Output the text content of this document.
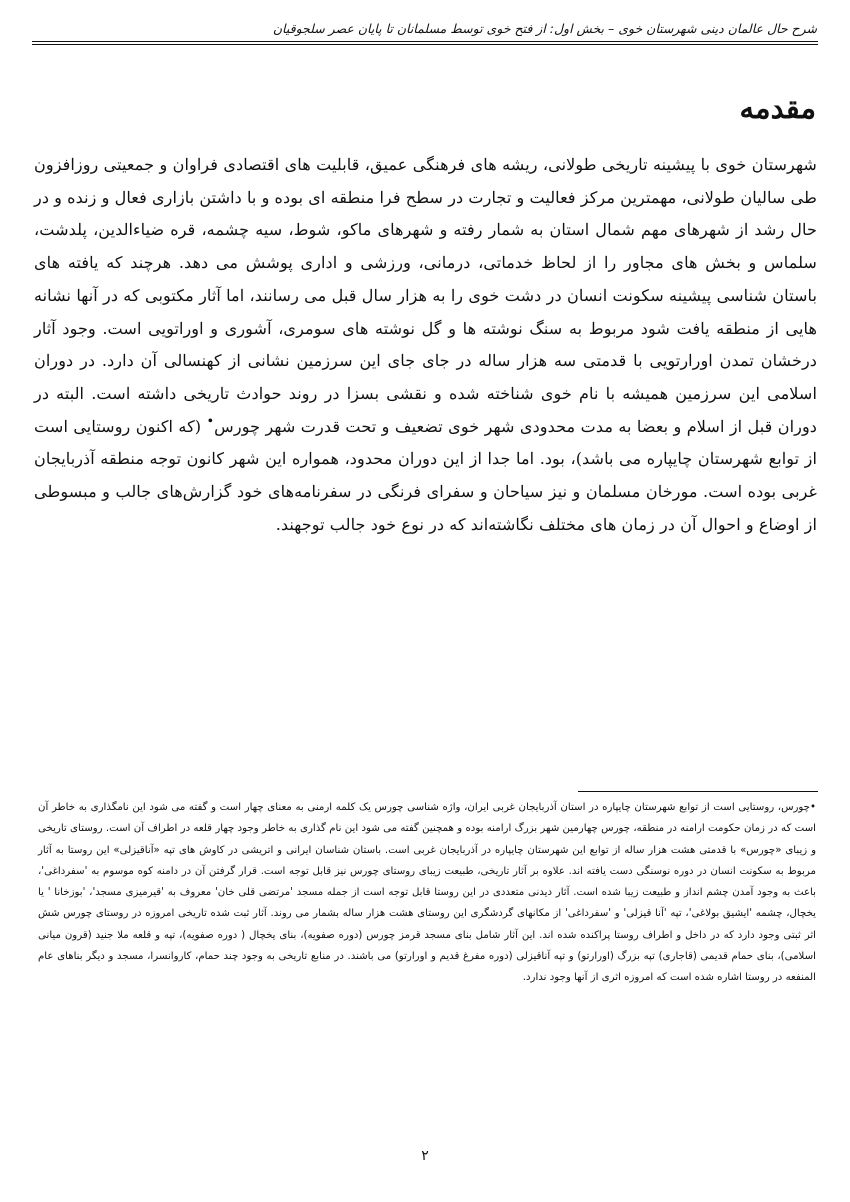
شرح حال عالمان دینی شهرستان خوی – بخش اول: از فتح خوی توسط مسلمانان تا پایان عصر سلجوقیان
مقدمه

شهرستان خوی با پیشینه تاریخی طولانی، ریشه های فرهنگی عمیق، قابلیت های اقتصادی فراوان و جمعیتی روزافزون طی سالیان طولانی، مهمترین مرکز فعالیت و تجارت در سطح فرا منطقه ای بوده و با داشتن بازاری فعال و زنده و در حال رشد از شهرهای مهم شمال استان به شمار رفته و شهرهای ماکو، شوط، سیه چشمه، قره ضیاءالدین، پلدشت، سلماس و بخش های مجاور را از لحاظ خدماتی، درمانی، ورزشی و اداری پوشش می دهد. هرچند که یافته های باستان شناسی پیشینه سکونت انسان در دشت خوی را به هزار سال قبل می رسانند، اما آثار مکتوبی که در آنها نشانه هایی از منطقه یافت شود مربوط به سنگ نوشته ها و گل نوشته های سومری، آشوری و اوراتویی است. وجود آثار درخشان تمدن اورارتویی با قدمتی سه هزار ساله در جای جای این سرزمین نشانی از کهنسالی آن دارد. در دوران اسلامی این سرزمین همیشه با نام خوی شناخته شده و نقشی بسزا در روند حوادث تاریخی داشته است. البته در دوران قبل از اسلام و بعضا به مدت محدودی شهر خوی تضعیف و تحت قدرت شهر چورس• (که اکنون روستایی است از توابع شهرستان چایپاره می باشد)، بود. اما جدا از این دوران محدود، همواره این شهر کانون توجه منطقه آذربایجان غربی بوده است. مورخان مسلمان و نیز سیاحان و سفرای فرنگی در سفرنامه‌های خود گزارش‌های جالب و مبسوطی از اوضاع و احوال آن در زمان های مختلف نگاشته‌اند که در نوع خود جالب توجهند.

•چورس، روستایی است از توابع شهرستان چایپاره در استان آذربایجان غربی ایران، واژه شناسی چورس یک کلمه ارمنی به معنای چهار است و گفته می شود این نامگذاری به خاطر آن است که در زمان حکومت ارامنه در منطقه، چورس چهارمین شهر بزرگ ارامنه بوده و همچنین گفته می شود این نام گذاری به خاطر وجود چهار قلعه در اطراف آن است. روستای تاریخی و زیبای «چورس» با قدمتی هشت هزار ساله از توابع این شهرستان چایپاره در آذربایجان غربی است. باستان شناسان ایرانی و اتریشی در کاوش های تپه «آناقیزلی» این روستا به آثار مربوط به سکونت انسان در دوره نوسنگی دست یافته اند. علاوه بر آثار تاریخی، طبیعت زیبای روستای چورس نیز قابل توجه است. قرار گرفتن آن در دامنه کوه موسوم به 'سفرداغی'، باعث به وجود آمدن چشم انداز و طبیعت زیبا شده است. آثار دیدنی متعددی در این روستا قابل توجه است از جمله مسجد 'مرتضی قلی خان' معروف به 'قیرمیزی مسجد'، 'بوزخانا ' یا یخچال، چشمه 'ایشیق بولاغی'، تپه 'آنا قیزلی' و 'سفرداغی' از مکانهای گردشگری این روستای هشت هزار ساله بشمار می روند. آثار ثبت شده تاریخی امروزه در روستای چورس شش اثر ثبتی وجود دارد که در داخل و اطراف روستا پراکنده شده اند. این آثار شامل بنای مسجد قرمز چورس (دوره صفویه)، بنای یخچال ( دوره صفویه)، تپه و قلعه ملا جنید (قرون میانی اسلامی)، بنای حمام قدیمی (قاجاری) تپه بزرگ (اورارتو) و تپه آناقیزلی (دوره مفرغ قدیم و اورارتو) می باشند. در منابع تاریخی به وجود چند حمام، کاروانسرا، مسجد و دیگر بناهای عام المنفعه در روستا اشاره شده است که امروزه اثری از آنها وجود ندارد.

۲
